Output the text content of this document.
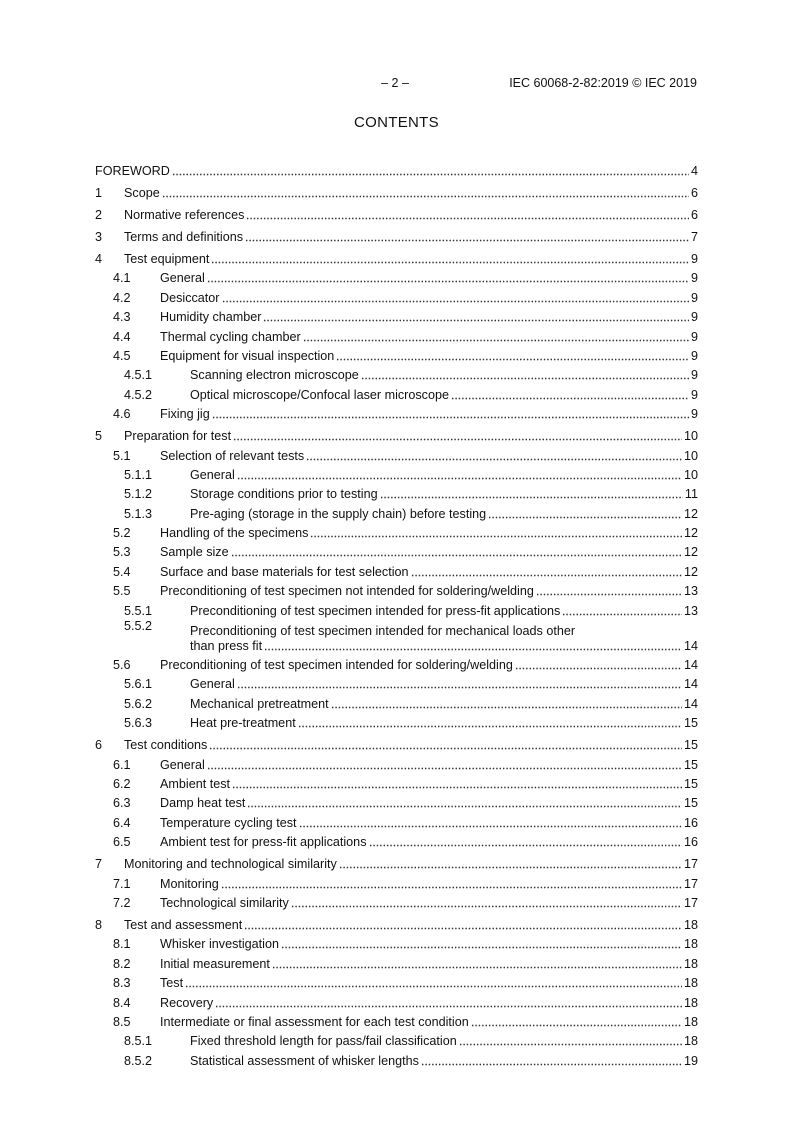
– 2 –	IEC 60068-2-82:2019 © IEC 2019
CONTENTS
FOREWORD	4
1	Scope	6
2	Normative references	6
3	Terms and definitions	7
4	Test equipment	9
4.1	General	9
4.2	Desiccator	9
4.3	Humidity chamber	9
4.4	Thermal cycling chamber	9
4.5	Equipment for visual inspection	9
4.5.1	Scanning electron microscope	9
4.5.2	Optical microscope/Confocal laser microscope	9
4.6	Fixing jig	9
5	Preparation for test	10
5.1	Selection of relevant tests	10
5.1.1	General	10
5.1.2	Storage conditions prior to testing	11
5.1.3	Pre-aging (storage in the supply chain) before testing	12
5.2	Handling of the specimens	12
5.3	Sample size	12
5.4	Surface and base materials for test selection	12
5.5	Preconditioning of test specimen not intended for soldering/welding	13
5.5.1	Preconditioning of test specimen intended for press-fit applications	13
5.5.2	Preconditioning of test specimen intended for mechanical loads other
than press fit	14
5.6	Preconditioning of test specimen intended for soldering/welding	14
5.6.1	General	14
5.6.2	Mechanical pretreatment	14
5.6.3	Heat pre-treatment	15
6	Test conditions	15
6.1	General	15
6.2	Ambient test	15
6.3	Damp heat test	15
6.4	Temperature cycling test	16
6.5	Ambient test for press-fit applications	16
7	Monitoring and technological similarity	17
7.1	Monitoring	17
7.2	Technological similarity	17
8	Test and assessment	18
8.1	Whisker investigation	18
8.2	Initial measurement	18
8.3	Test	18
8.4	Recovery	18
8.5	Intermediate or final assessment for each test condition	18
8.5.1	Fixed threshold length for pass/fail classification	18
8.5.2	Statistical assessment of whisker lengths	19
